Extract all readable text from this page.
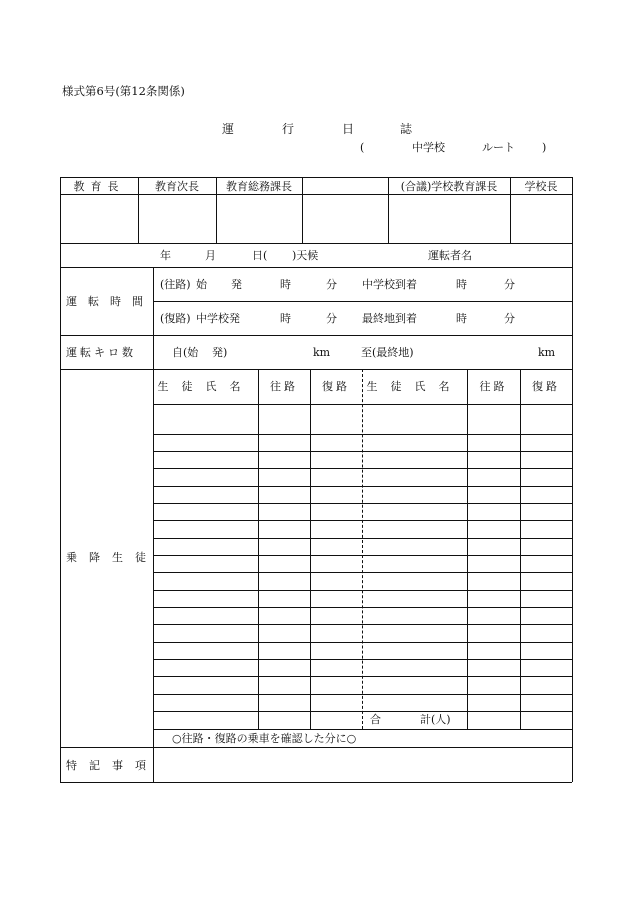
様式第6号(第12条関係)
運	行	日	誌
(	中学校	ルート )
教育長	教育次長	教育総務課長	(合議)学校教育課長	学校長
年	月	日( )天候	運転者名
運転時間
(往路) 始 発	時	分 中学校到着	時	分
(復路) 中学校発	時	分 最終地到着	時	分
運転キロ数	自(始 発)	km	至(最終地)	km
乗降生徒
生徒氏名	往路	復路	生徒氏名	往路	復路
合	計(人)
○往路・復路の乗車を確認した分に○
特記事項
